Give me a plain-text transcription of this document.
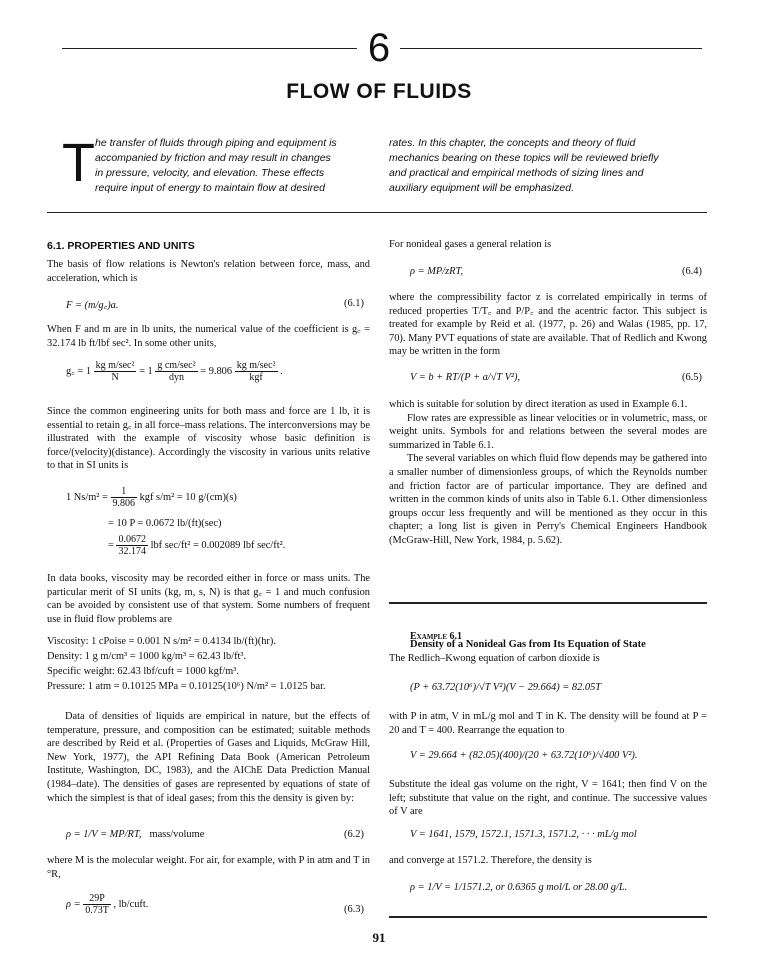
6
FLOW OF FLUIDS
T he transfer of fluids through piping and equipment is
accompanied by friction and may result in changes
in pressure, velocity, and elevation. These effects
require input of energy to maintain flow at desired
rates. In this chapter, the concepts and theory of fluid
mechanics bearing on these topics will be reviewed briefly
and practical and empirical methods of sizing lines and
auxiliary equipment will be emphasized.
6.1. PROPERTIES AND UNITS

The basis of flow relations is Newton's relation between force, mass, and acceleration, which is

F = (m/g꜀)a.	(6.1)

When F and m are in lb units, the numerical value of the coefficient is g꜀ = 32.174 lb ft/lbf sec². In some other units,

g꜀ = $1 \frac{\text{kg m/sec²}}{N} = 1 \frac{\text{g cm/sec²}}{\text{dyn}} = 9.806 \frac{\text{kg m/sec²}}{\text{kgf}}$ .

Since the common engineering units for both mass and force are 1 lb, it is essential to retain g꜀ in all force–mass relations. The interconversions may be illustrated with the example of viscosity whose basic definition is force/(velocity)(distance). Accordingly the viscosity in various units relative to that in SI units is

1 $Ns/m^2 = \frac{1}{9.806}$ kgf s/m² = 10 g/(cm)(s)
= 10 P = 0.0672 lb/(ft)(sec)
= $\frac{0.0672}{32.174}$ lbf sec/ft² = 0.002089 lbf sec/ft².

In data books, viscosity may be recorded either in force or mass units. The particular merit of SI units (kg, m, s, N) is that g꜀ = 1 and much confusion can be avoided by consistent use of that system. Some numbers of frequent use in fluid flow problems are

Viscosity: 1 cPoise = 0.001 N s/m² = 0.4134 lb/(ft)(hr).
Density: 1 g m/cm³ = 1000 kg/m³ = 62.43 lb/ft³.
Specific weight: 62.43 lbf/cuft = 1000 kgf/m³.
Pressure: 1 atm = 0.10125 MPa = 0.10125(10⁶) N/m² = 1.0125 bar.

Data of densities of liquids are empirical in nature, but the effects of temperature, pressure, and composition can be estimated; suitable methods are described by Reid et al. (Properties of Gases and Liquids, McGraw Hill, New York, 1977), the API Refining Data Book (American Petroleum Institute, Washington, DC, 1983), and the AIChE Data Prediction Manual (1984–date). The densities of gases are represented by equations of state of which the simplest is that of ideal gases; from this the density is given by:

ρ = 1/V = MP/RT, mass/volume	(6.2)

where M is the molecular weight. For air, for example, with P in atm and T in °R,

$\rho = \frac{29P}{0.73T}$ , lb/cuft.	(6.3)

For nonideal gases a general relation is

ρ = MP/zRT,	(6.4)

where the compressibility factor z is correlated empirically in terms of reduced properties T/T꜀ and P/P꜀ and the acentric factor. This subject is treated for example by Reid et al. (1977, p. 26) and Walas (1985, pp. 17, 70). Many PVT equations of state are available. That of Redlich and Kwong may be written in the form

V = b + RT/(P + a/√T V²),	(6.5)

which is suitable for solution by direct iteration as used in Example 6.1.

Flow rates are expressible as linear velocities or in volumetric, mass, or weight units. Symbols for and relations between the several modes are summarized in Table 6.1.

The several variables on which fluid flow depends may be gathered into a smaller number of dimensionless groups, of which the Reynolds number and friction factor are of particular importance. They are defined and written in the common kinds of units also in Table 6.1. Other dimensionless groups occur less frequently and will be mentioned as they occur in this chapter; a long list is given in Perry's Chemical Engineers Handbook (McGraw-Hill, New York, 1984, p. 5.62).

Example 6.1
Density of a Nonideal Gas from Its Equation of State
The Redlich–Kwong equation of carbon dioxide is
(P + 63.72(10⁶)/√T V²)(V − 29.664) = 82.05T
with P in atm, V in mL/g mol and T in K. The density will be found at P = 20 and T = 400. Rearrange the equation to
V = 29.664 + (82.05)(400)/(20 + 63.72(10⁶)/√400 V²).
Substitute the ideal gas volume on the right, V = 1641; then find V on the left; substitute that value on the right, and continue. The successive values of V are
V = 1641, 1579, 1572.1, 1571.3, 1571.2, · · · mL/g mol
and converge at 1571.2. Therefore, the density is
ρ = 1/V = 1/1571.2, or 0.6365 g mol/L or 28.00 g/L.
91
